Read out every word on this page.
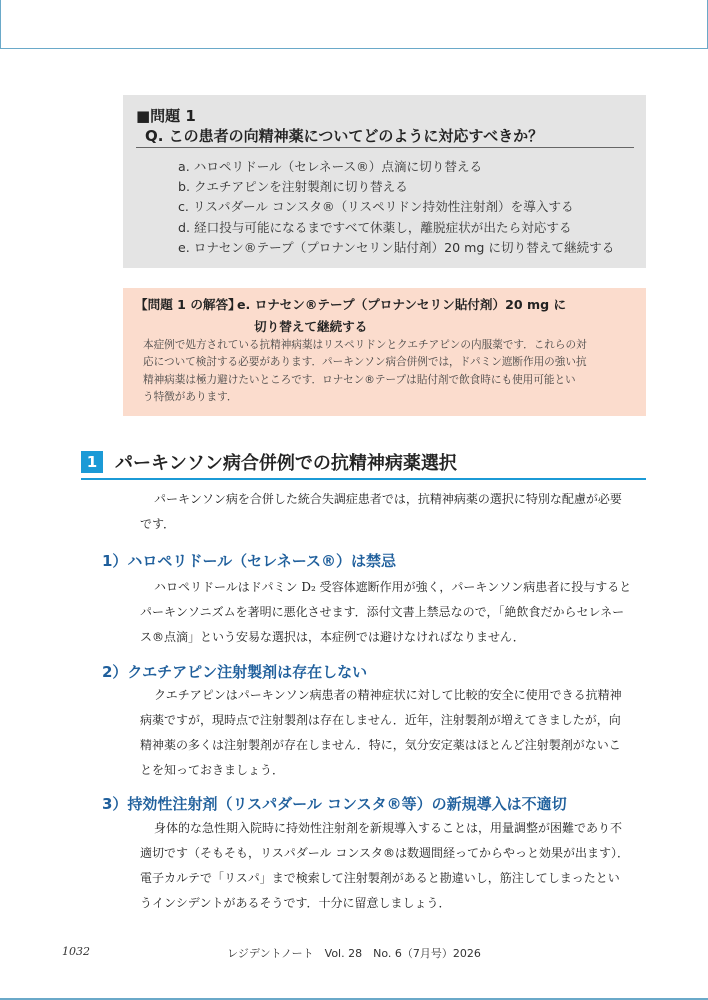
■問題 1
Q. この患者の向精神薬についてどのように対応すべきか？
a. ハロペリドール（セレネース®）点滴に切り替える
b. クエチアピンを注射製剤に切り替える
c. リスパダール コンスタ®（リスペリドン持効性注射剤）を導入する
d. 経口投与可能になるまですべて休薬し，離脱症状が出たら対応する
e. ロナセン®テープ（プロナンセリン貼付剤）20 mg に切り替えて継続する
【問題 1 の解答】
e. ロナセン®テープ（プロナンセリン貼付剤）20 mg に
切り替えて継続する
本症例で処方されている抗精神病薬はリスペリドンとクエチアピンの内服薬です．これらの対
応について検討する必要があります．パーキンソン病合併例では，ドパミン遮断作用の強い抗
精神病薬は極力避けたいところです．ロナセン®テープは貼付剤で飲食時にも使用可能とい
う特徴があります．
1 パーキンソン病合併例での抗精神病薬選択
パーキンソン病を合併した統合失調症患者では，抗精神病薬の選択に特別な配慮が必要
です．
1）ハロペリドール（セレネース®）は禁忌
ハロペリドールはドパミン D₂ 受容体遮断作用が強く，パーキンソン病患者に投与すると
パーキンソニズムを著明に悪化させます．添付文書上禁忌なので，「絶飲食だからセレネー
ス®点滴」という安易な選択は，本症例では避けなければなりません．
2）クエチアピン注射製剤は存在しない
クエチアピンはパーキンソン病患者の精神症状に対して比較的安全に使用できる抗精神
病薬ですが，現時点で注射製剤は存在しません．近年，注射製剤が増えてきましたが，向
精神薬の多くは注射製剤が存在しません．特に，気分安定薬はほとんど注射製剤がないこ
とを知っておきましょう．
3）持効性注射剤（リスパダール コンスタ®等）の新規導入は不適切
身体的な急性期入院時に持効性注射剤を新規導入することは，用量調整が困難であり不
適切です（そもそも，リスパダール コンスタ®は数週間経ってからやっと効果が出ます）．
電子カルテで「リスパ」まで検索して注射製剤があると勘違いし，筋注してしまったとい
うインシデントがあるそうです．十分に留意しましょう．
1032	レジデントノート　Vol. 28　No. 6（7月号）2026
